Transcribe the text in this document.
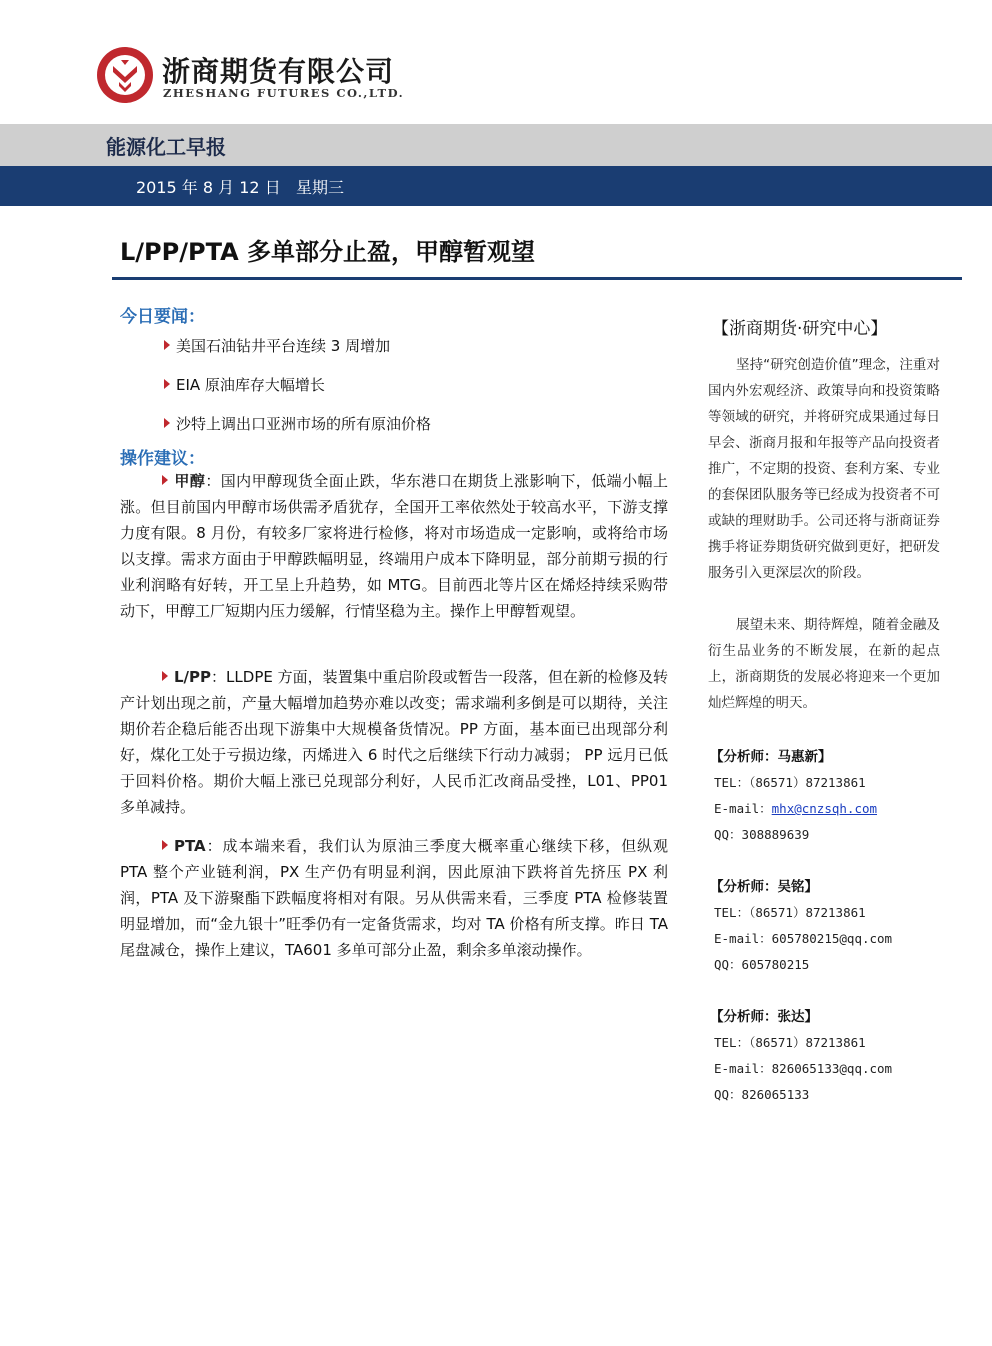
浙商期货有限公司
ZHESHANG FUTURES CO.,LTD.
能源化工早报
2015 年 8 月 12 日   星期三
L/PP/PTA 多单部分止盈，甲醇暂观望
今日要闻：
美国石油钻井平台连续 3 周增加
EIA 原油库存大幅增长
沙特上调出口亚洲市场的所有原油价格
操作建议：
甲醇：国内甲醇现货全面止跌，华东港口在期货上涨影响下，低端小幅上涨。但目前国内甲醇市场供需矛盾犹存，全国开工率依然处于较高水平，下游支撑力度有限。8 月份，有较多厂家将进行检修，将对市场造成一定影响，或将给市场以支撑。需求方面由于甲醇跌幅明显，终端用户成本下降明显，部分前期亏损的行业利润略有好转，开工呈上升趋势，如 MTG。目前西北等片区在烯烃持续采购带动下，甲醇工厂短期内压力缓解，行情坚稳为主。操作上甲醇暂观望。
L/PP：LLDPE 方面，装置集中重启阶段或暂告一段落，但在新的检修及转产计划出现之前，产量大幅增加趋势亦难以改变；需求端利多倒是可以期待，关注期价若企稳后能否出现下游集中大规模备货情况。PP 方面，基本面已出现部分利好，煤化工处于亏损边缘，丙烯进入 6 时代之后继续下行动力减弱； PP 远月已低于回料价格。期价大幅上涨已兑现部分利好，人民币汇改商品受挫，L01、PP01 多单减持。
PTA：成本端来看，我们认为原油三季度大概率重心继续下移，但纵观 PTA 整个产业链利润，PX 生产仍有明显利润，因此原油下跌将首先挤压 PX 利润，PTA 及下游聚酯下跌幅度将相对有限。另从供需来看，三季度 PTA 检修装置明显增加，而“金九银十”旺季仍有一定备货需求，均对 TA 价格有所支撑。昨日 TA 尾盘减仓，操作上建议，TA601 多单可部分止盈，剩余多单滚动操作。
【浙商期货·研究中心】
坚持“研究创造价值”理念，注重对国内外宏观经济、政策导向和投资策略等领域的研究，并将研究成果通过每日早会、浙商月报和年报等产品向投资者推广，不定期的投资、套利方案、专业的套保团队服务等已经成为投资者不可或缺的理财助手。公司还将与浙商证券携手将证券期货研究做到更好，把研发服务引入更深层次的阶段。
展望未来、期待辉煌，随着金融及衍生品业务的不断发展，在新的起点上，浙商期货的发展必将迎来一个更加灿烂辉煌的明天。
【分析师：马惠新】
TEL：（86571）87213861
E-mail：mhx@cnzsqh.com
QQ：308889639
【分析师：吴铭】
TEL：（86571）87213861
E-mail：605780215@qq.com
QQ：605780215
【分析师：张达】
TEL：（86571）87213861
E-mail：826065133@qq.com
QQ：826065133
